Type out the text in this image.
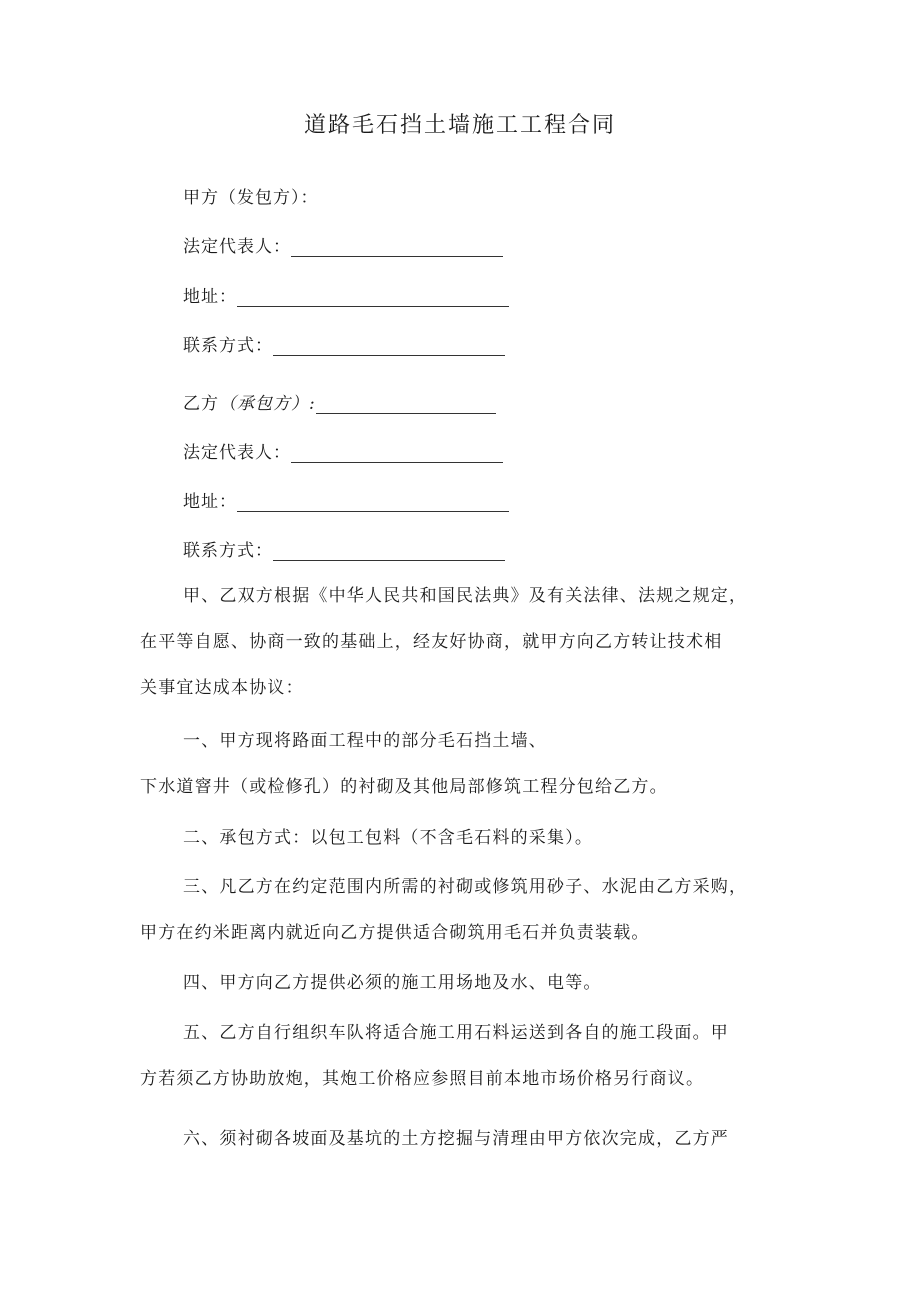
道路毛石挡土墙施工工程合同
甲方（发包方）：
法定代表人：
地址：
联系方式：
乙方 （承包方）:
法定代表人：
地址：
联系方式：
甲、乙双方根据《中华人民共和国民法典》及有关法律、法规之规定，
在平等自愿、协商一致的基础上，经友好协商，就甲方向乙方转让技术相
关事宜达成本协议：
一、甲方现将路面工程中的部分毛石挡土墙、
下水道窨井（或检修孔）的衬砌及其他局部修筑工程分包给乙方。
二、承包方式：以包工包料（不含毛石料的采集）。
三、凡乙方在约定范围内所需的衬砌或修筑用砂子、水泥由乙方采购，
甲方在约米距离内就近向乙方提供适合砌筑用毛石并负责装载。
四、甲方向乙方提供必须的施工用场地及水、电等。
五、乙方自行组织车队将适合施工用石料运送到各自的施工段面。甲
方若须乙方协助放炮，其炮工价格应参照目前本地市场价格另行商议。
六、须衬砌各坡面及基坑的土方挖掘与清理由甲方依次完成，乙方严
